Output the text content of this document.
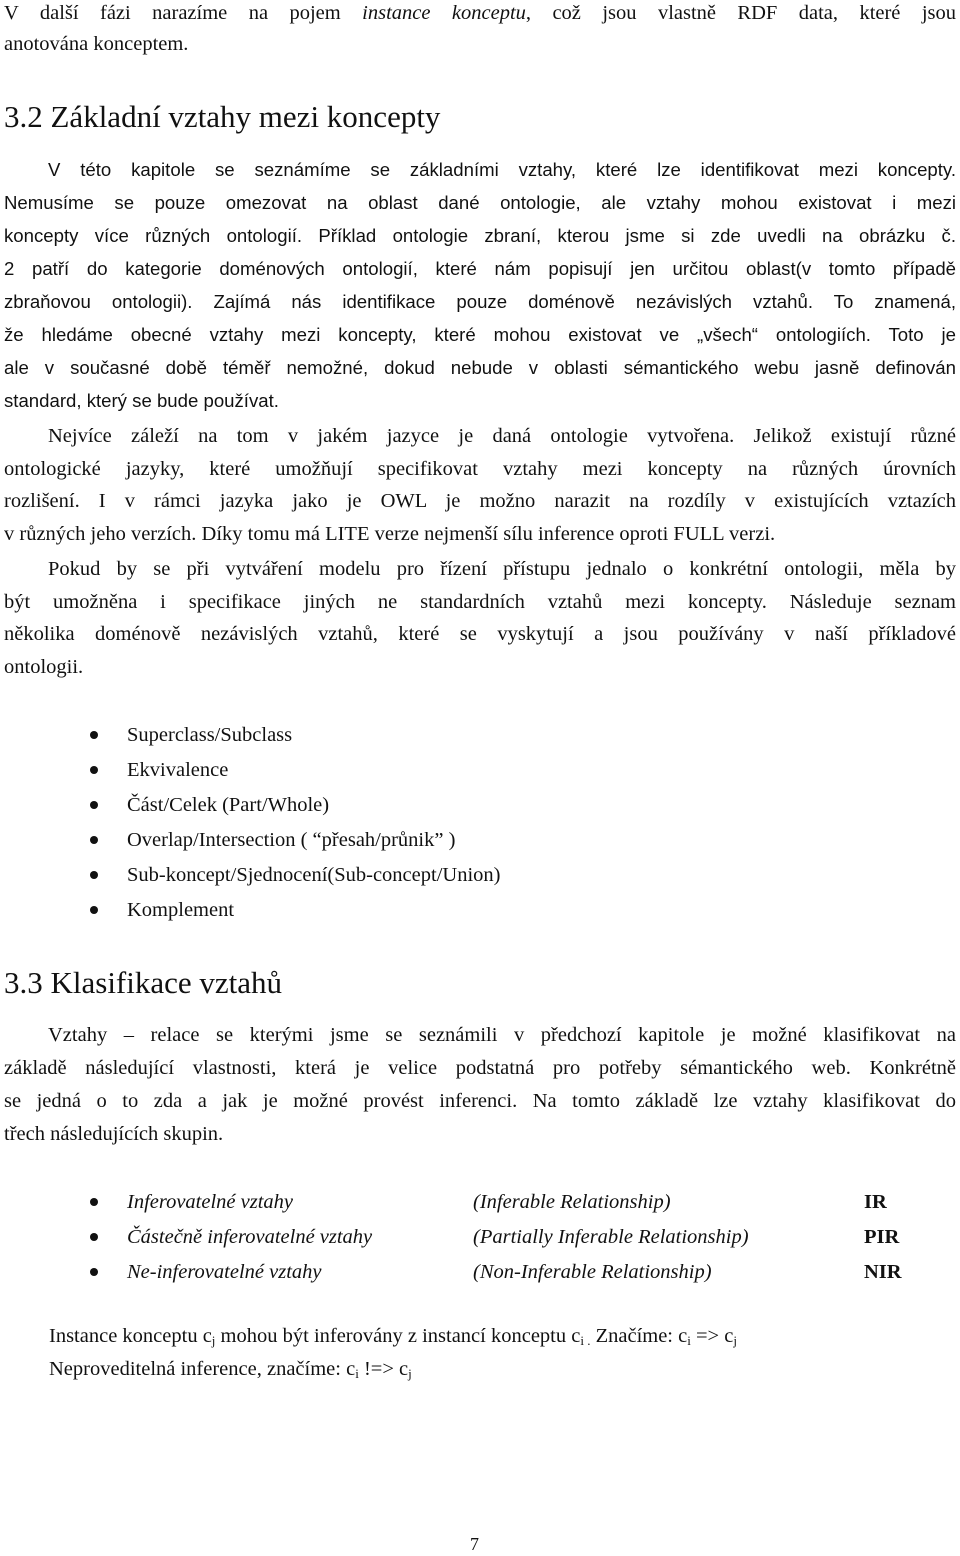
V další fázi narazíme na pojem instance konceptu, což jsou vlastně RDF data, které jsou
anotována konceptem.
3.2 Základní vztahy mezi koncepty
V této kapitole se seznámíme se základními vztahy, které lze identifikovat mezi koncepty.
Nemusíme se pouze omezovat na oblast dané ontologie, ale vztahy mohou existovat i mezi
koncepty více různých ontologií. Příklad ontologie zbraní, kterou jsme si zde uvedli na obrázku č.
2 patří do kategorie doménových ontologií, které nám popisují jen určitou oblast(v tomto případě
zbraňovou ontologii). Zajímá nás identifikace pouze doménově nezávislých vztahů. To znamená,
že hledáme obecné vztahy mezi koncepty, které mohou existovat ve „všech“ ontologiích. Toto je
ale v současné době téměř nemožné, dokud nebude v oblasti sémantického webu jasně definován
standard, který se bude používat.
Nejvíce záleží na tom v jakém jazyce je daná ontologie vytvořena. Jelikož existují různé
ontologické jazyky, které umožňují specifikovat vztahy mezi koncepty na různých úrovních
rozlišení. I v rámci jazyka jako je OWL je možno narazit na rozdíly v existujících vztazích
v různých jeho verzích. Díky tomu má LITE verze nejmenší sílu inference oproti FULL verzi.
Pokud by se při vytváření modelu pro řízení přístupu jednalo o konkrétní ontologii, měla by
být umožněna i specifikace jiných ne standardních vztahů mezi koncepty. Následuje seznam
několika doménově nezávislých vztahů, které se vyskytují a jsou používány v naší příkladové
ontologii.
Superclass/Subclass
Ekvivalence
Část/Celek (Part/Whole)
Overlap/Intersection ( “přesah/průnik” )
Sub-koncept/Sjednocení(Sub-concept/Union)
Komplement
3.3 Klasifikace vztahů
Vztahy – relace se kterými jsme se seznámili v předchozí kapitole je možné klasifikovat na
základě následující vlastnosti, která je velice podstatná pro potřeby sémantického web. Konkrétně
se jedná o to zda a jak je možné provést inferenci. Na tomto základě lze vztahy klasifikovat do
třech následujících skupin.
Inferovatelné vztahy	(Inferable Relationship)	IR
Částečně inferovatelné vztahy	(Partially Inferable Relationship)	PIR
Ne-inferovatelné vztahy	(Non-Inferable Relationship)	NIR
Instance konceptu $c_j$ mohou být inferovány z instancí konceptu $c_{i .}$ Značíme: $c_i => c_j$
Neproveditelná inference, značíme: $c_i$ !=> $c_j$
7
